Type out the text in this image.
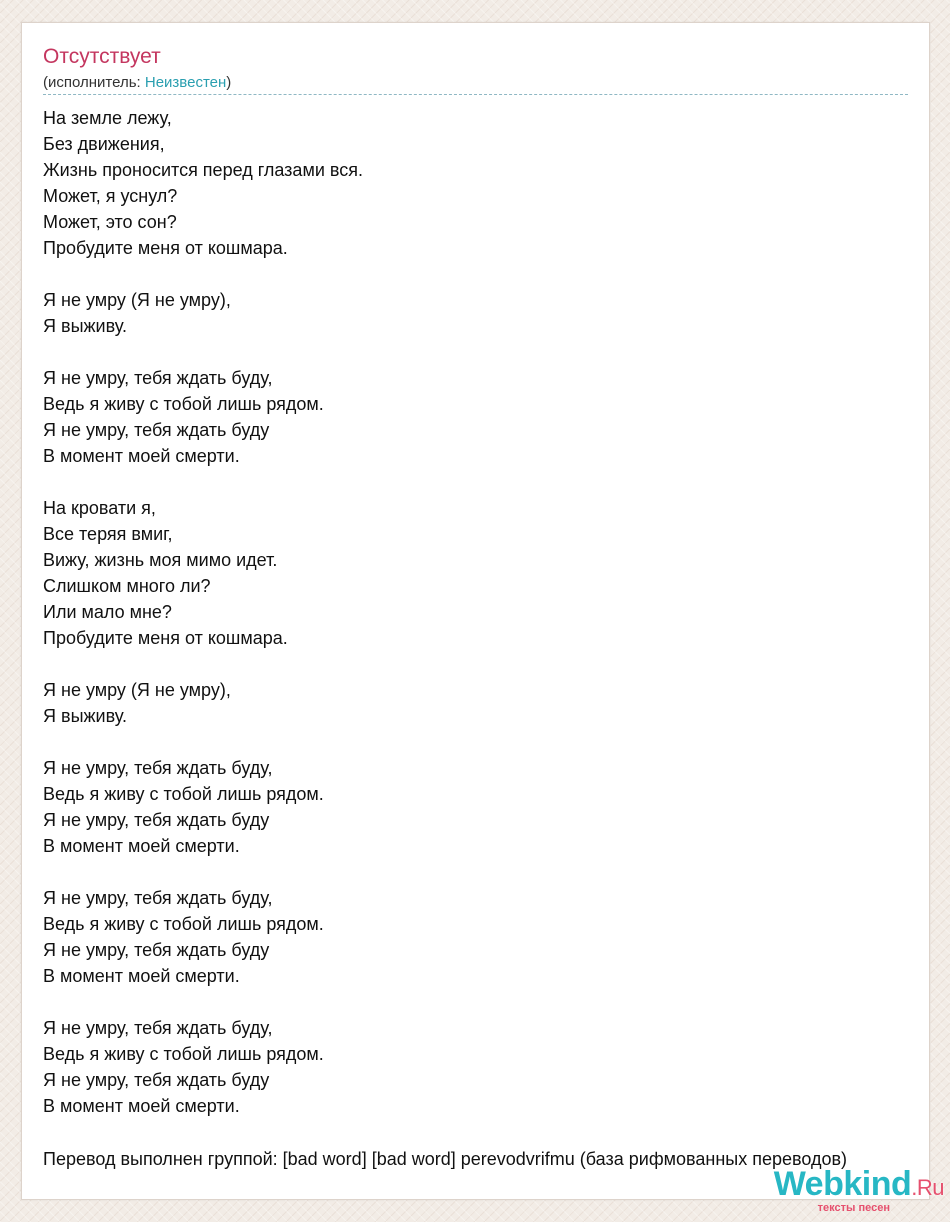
Отсутствует
(исполнитель: Неизвестен)
На земле лежу,
Без движения,
Жизнь проносится перед глазами вся.
Может, я уснул?
Может, это сон?
Пробудите меня от кошмара.
Я не умру (Я не умру),
Я выживу.
Я не умру, тебя ждать буду,
Ведь я живу с тобой лишь рядом.
Я не умру, тебя ждать буду
В момент моей смерти.
На кровати я,
Все теряя вмиг,
Вижу, жизнь моя мимо идет.
Слишком много ли?
Или мало мне?
Пробудите меня от кошмара.
Я не умру (Я не умру),
Я выживу.
Я не умру, тебя ждать буду,
Ведь я живу с тобой лишь рядом.
Я не умру, тебя ждать буду
В момент моей смерти.
Я не умру, тебя ждать буду,
Ведь я живу с тобой лишь рядом.
Я не умру, тебя ждать буду
В момент моей смерти.
Я не умру, тебя ждать буду,
Ведь я живу с тобой лишь рядом.
Я не умру, тебя ждать буду
В момент моей смерти.
Перевод выполнен группой: [bad word] [bad word] perevodvrifmu (база рифмованных переводов)
Webkind.Ru
тексты песен
